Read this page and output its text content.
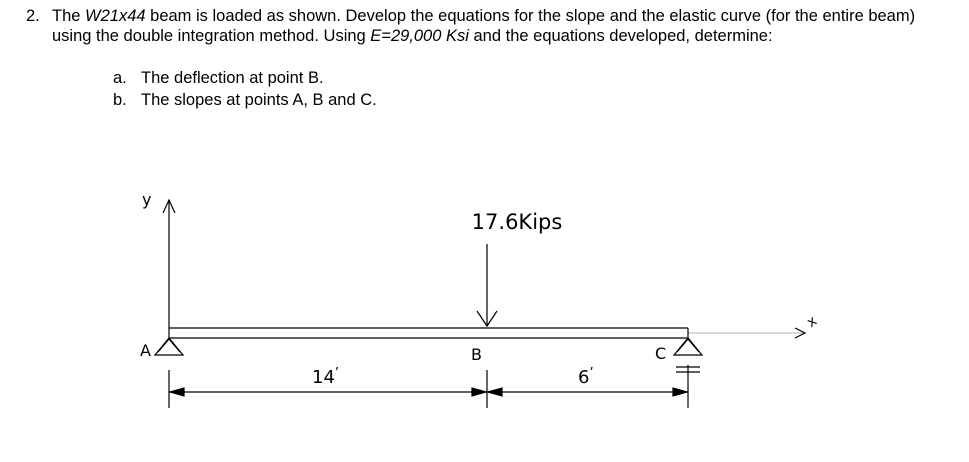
2. The W21x44 beam is loaded as shown. Develop the equations for the slope and the elastic curve (for the entire beam) using the double integration method. Using E=29,000 Ksi and the equations developed, determine:
a. The deflection at point B.
b. The slopes at points A, B and C.
y
x
A	C
17.6Kips
B
14’	6’
